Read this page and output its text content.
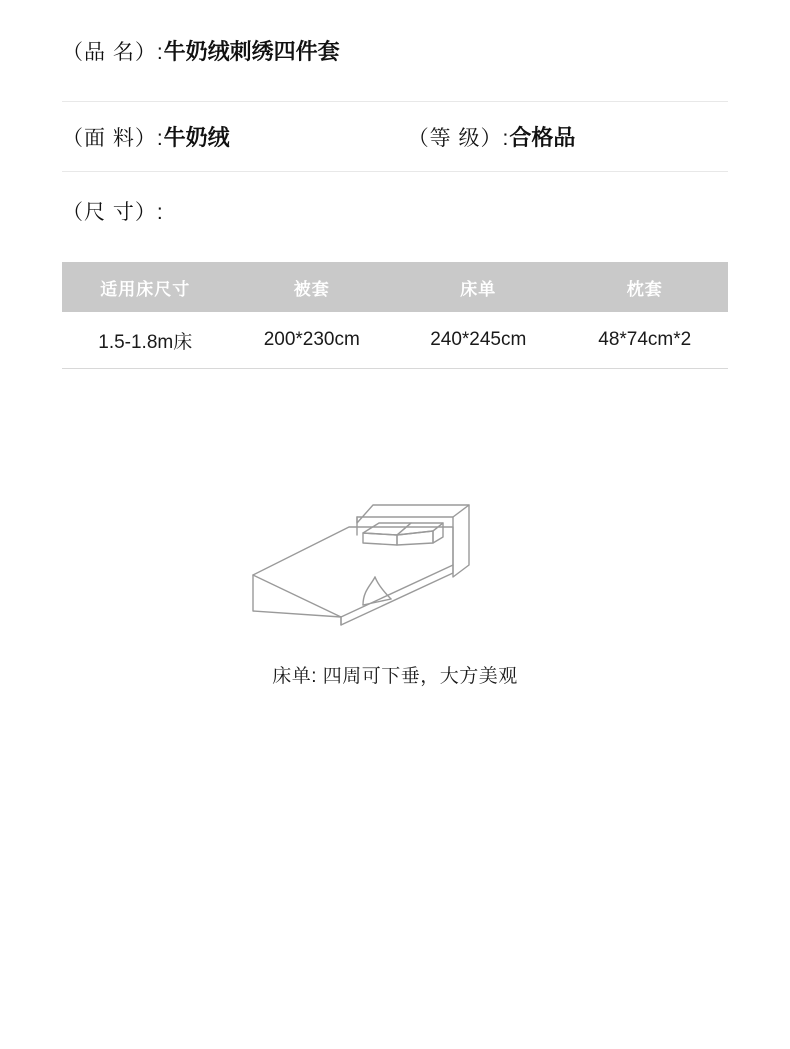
（品 名）: 牛奶绒刺绣四件套
（面 料）: 牛奶绒	（等 级）: 合格品
（尺 寸）:
适用床尺寸	被套	床单	枕套
1.5-1.8m床	200*230cm	240*245cm	48*74cm*2
床单: 四周可下垂，大方美观
